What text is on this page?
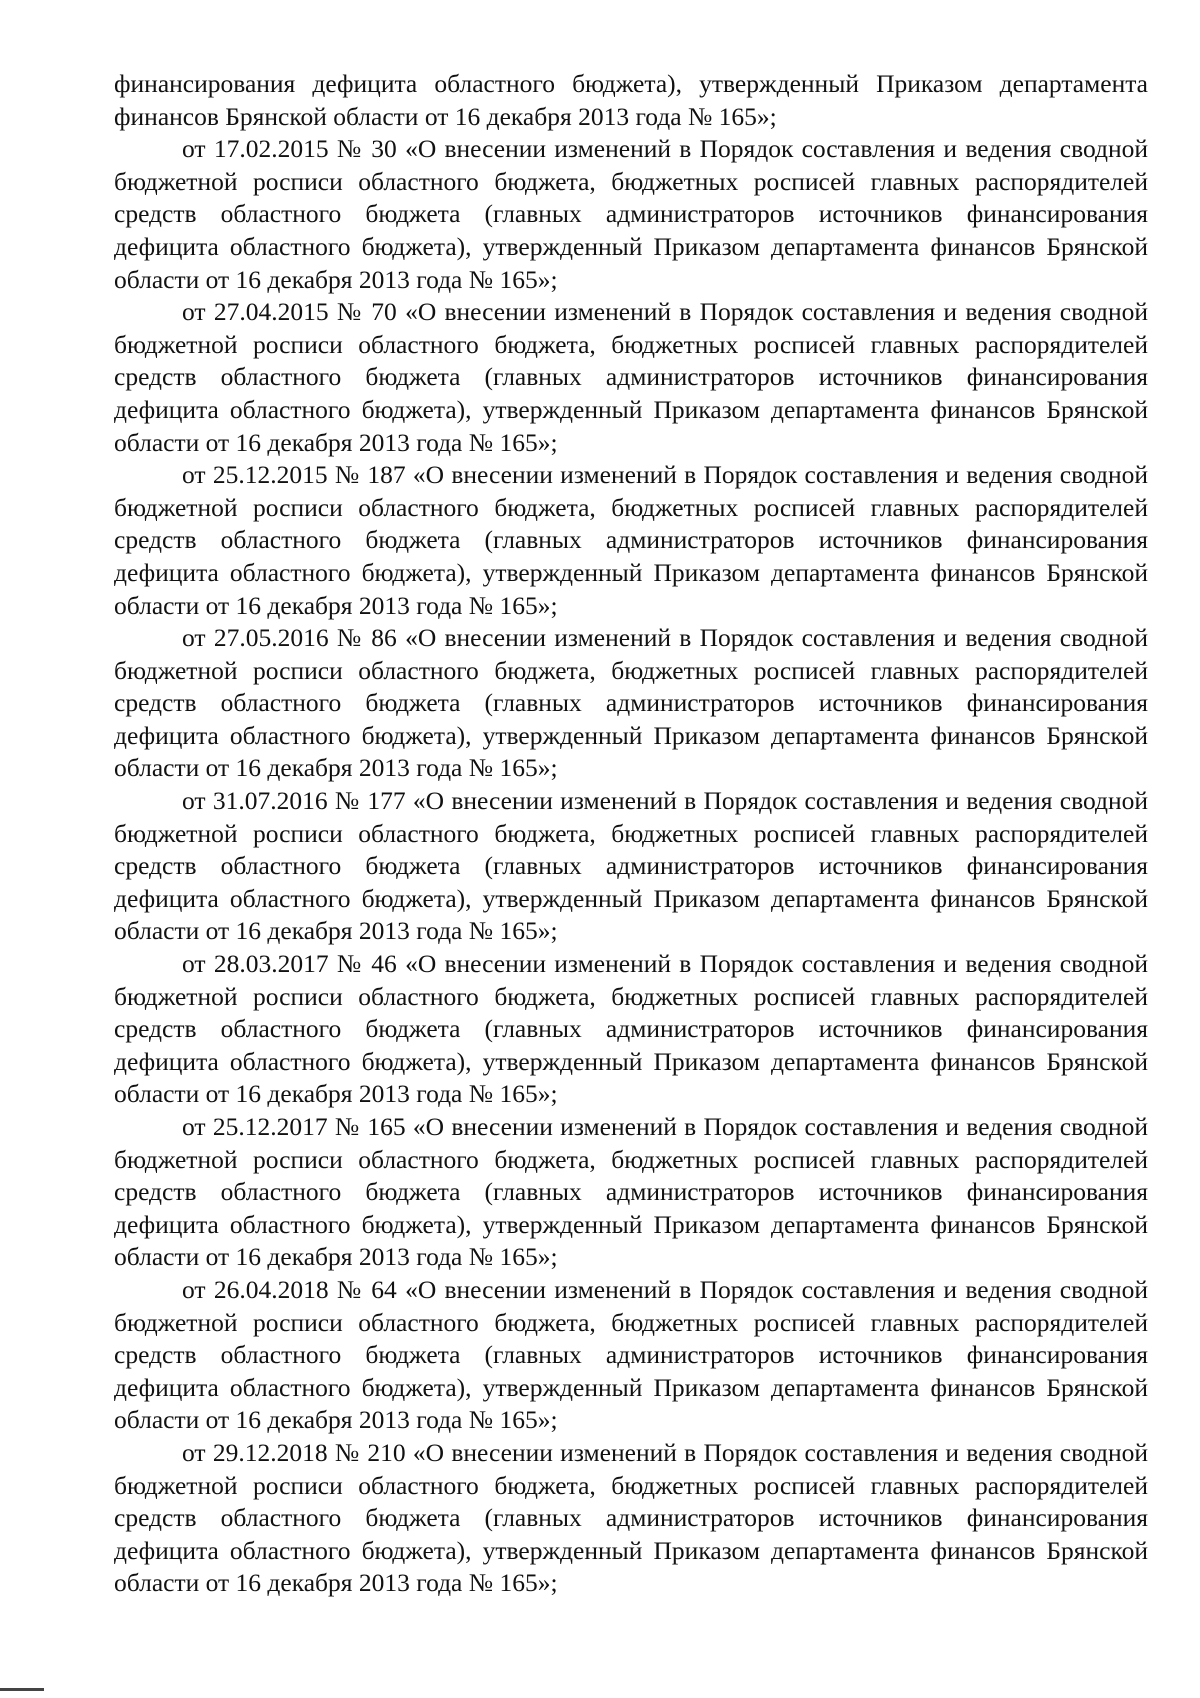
финансирования дефицита областного бюджета), утвержденный Приказом департамента финансов Брянской области от 16 декабря 2013 года № 165»;

от 17.02.2015 № 30 «О внесении изменений в Порядок составления и ведения сводной бюджетной росписи областного бюджета, бюджетных росписей главных распорядителей средств областного бюджета (главных администраторов источников финансирования дефицита областного бюджета), утвержденный Приказом департамента финансов Брянской области от 16 декабря 2013 года № 165»;

от 27.04.2015 № 70 «О внесении изменений в Порядок составления и ведения сводной бюджетной росписи областного бюджета, бюджетных росписей главных распорядителей средств областного бюджета (главных администраторов источников финансирования дефицита областного бюджета), утвержденный Приказом департамента финансов Брянской области от 16 декабря 2013 года № 165»;

от 25.12.2015 № 187 «О внесении изменений в Порядок составления и ведения сводной бюджетной росписи областного бюджета, бюджетных росписей главных распорядителей средств областного бюджета (главных администраторов источников финансирования дефицита областного бюджета), утвержденный Приказом департамента финансов Брянской области от 16 декабря 2013 года № 165»;

от 27.05.2016 № 86 «О внесении изменений в Порядок составления и ведения сводной бюджетной росписи областного бюджета, бюджетных росписей главных распорядителей средств областного бюджета (главных администраторов источников финансирования дефицита областного бюджета), утвержденный Приказом департамента финансов Брянской области от 16 декабря 2013 года № 165»;

от 31.07.2016 № 177 «О внесении изменений в Порядок составления и ведения сводной бюджетной росписи областного бюджета, бюджетных росписей главных распорядителей средств областного бюджета (главных администраторов источников финансирования дефицита областного бюджета), утвержденный Приказом департамента финансов Брянской области от 16 декабря 2013 года № 165»;

от 28.03.2017 № 46 «О внесении изменений в Порядок составления и ведения сводной бюджетной росписи областного бюджета, бюджетных росписей главных распорядителей средств областного бюджета (главных администраторов источников финансирования дефицита областного бюджета), утвержденный Приказом департамента финансов Брянской области от 16 декабря 2013 года № 165»;

от 25.12.2017 № 165 «О внесении изменений в Порядок составления и ведения сводной бюджетной росписи областного бюджета, бюджетных росписей главных распорядителей средств областного бюджета (главных администраторов источников финансирования дефицита областного бюджета), утвержденный Приказом департамента финансов Брянской области от 16 декабря 2013 года № 165»;

от 26.04.2018 № 64 «О внесении изменений в Порядок составления и ведения сводной бюджетной росписи областного бюджета, бюджетных росписей главных распорядителей средств областного бюджета (главных администраторов источников финансирования дефицита областного бюджета), утвержденный Приказом департамента финансов Брянской области от 16 декабря 2013 года № 165»;

от 29.12.2018 № 210 «О внесении изменений в Порядок составления и ведения сводной бюджетной росписи областного бюджета, бюджетных росписей главных распорядителей средств областного бюджета (главных администраторов источников финансирования дефицита областного бюджета), утвержденный Приказом департамента финансов Брянской области от 16 декабря 2013 года № 165»;
